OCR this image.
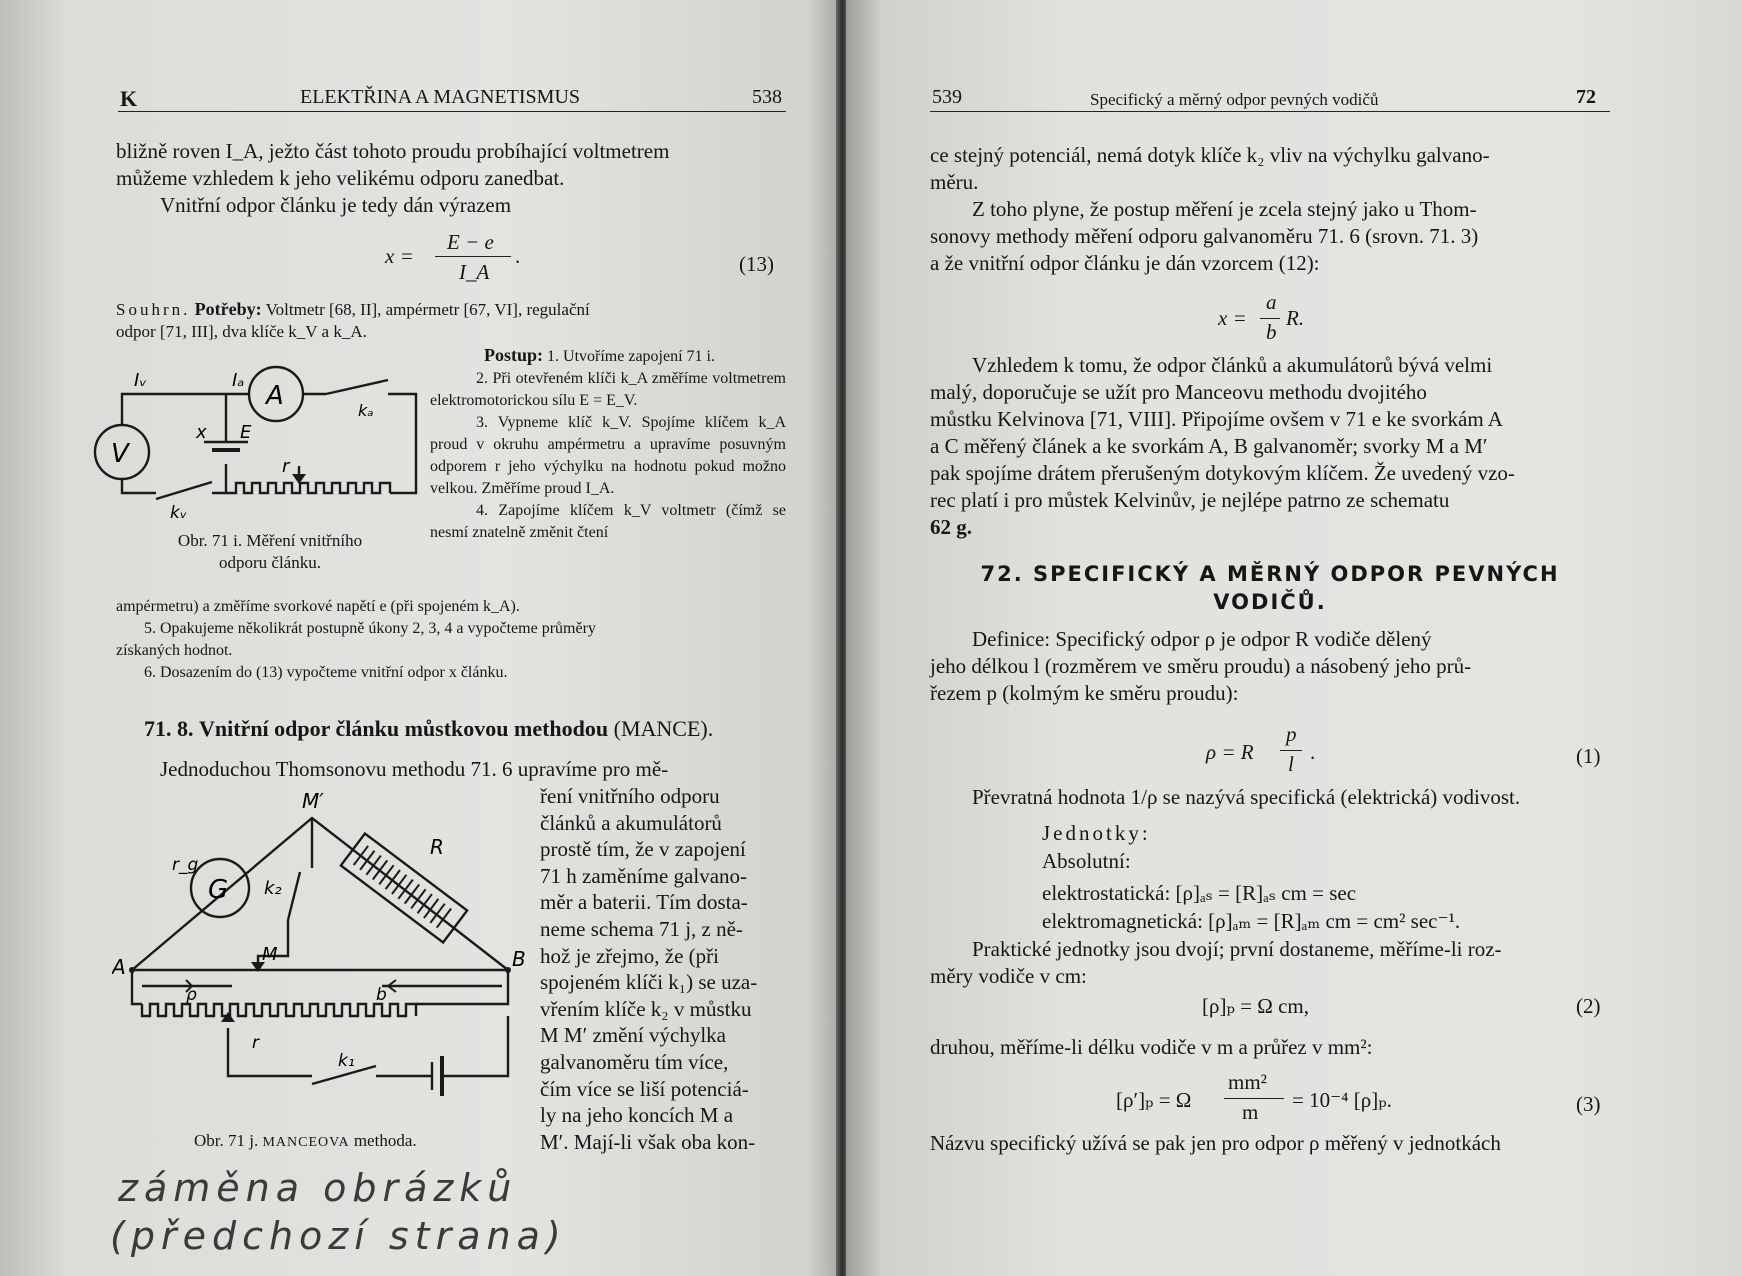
K	ELEKTŘINA A MAGNETISMUS	538
bližně roven I_A, ježto část tohoto proudu probíhající voltmetrem
můžeme vzhledem k jeho velikému odporu zanedbat.
Vnitřní odpor článku je tedy dán výrazem
x =
E − e
I_A
.	(13)
Souhrn. Potřeby: Voltmetr [68, II], ampérmetr [67, VI], regulační
odpor [71, III], dva klíče k_V a k_A.
Postup: 1. Utvoříme zapojení 71 i.
2. Při otevřeném klíči k_A změříme voltmetrem elektromotorickou sílu E = E_V.
3. Vypneme klíč k_V. Spojíme klíčem k_A proud v okruhu ampérmetru a upravíme posuvným odporem r jeho výchylku na hodnotu pokud možno velkou. Změříme proud I_A.
4. Zapojíme klíčem k_V voltmetr (čímž se nesmí znatelně změnit čtení
V
A
Iᵥ	Iₐ
x E
r
kₐ
kᵥ
Obr. 71 i. Měření vnitřního
odporu článku.
ampérmetru) a změříme svorkové napětí e (při spojeném k_A).
5. Opakujeme několikrát postupně úkony 2, 3, 4 a vypočteme průměry
získaných hodnot.
6. Dosazením do (13) vypočteme vnitřní odpor x článku.
71. 8. Vnitřní odpor článku můstkovou methodou (MANCE).
Jednoduchou Thomsonovu methodu 71. 6 upravíme pro mě-
ření vnitřního odporu
článků a akumulátorů
prostě tím, že v zapojení
71 h zaměníme galvano-
měr a baterii. Tím dosta-
neme schema 71 j, z ně-
hož je zřejmo, že (při
spojeném klíči k₁) se uza-
vřením klíče k₂ v můstku
M M′ změní výchylka
galvanoměru tím více,
čím více se liší potenciá-
ly na jeho koncích M a
M′. Mají-li však oba kon-
M′
G
r_g
k₂
R
A	B
M
ρ	b
r
k₁
Obr. 71 j. MANCEOVA methoda.
záměna obrázků
(předchozí strana)
539	Specifický a měrný odpor pevných vodičů	72
ce stejný potenciál, nemá dotyk klíče k₂ vliv na výchylku galvano-
měru.
Z toho plyne, že postup měření je zcela stejný jako u Thom-
sonovy methody měření odporu galvanoměru 71. 6 (srovn. 71. 3)
a že vnitřní odpor článku je dán vzorcem (12):
x =
a
b
R.
Vzhledem k tomu, že odpor článků a akumulátorů bývá velmi
malý, doporučuje se užít pro Manceovu methodu dvojitého
můstku Kelvinova [71, VIII]. Připojíme ovšem v 71 e ke svorkám A
a C měřený článek a ke svorkám A, B galvanoměr; svorky M a M′
pak spojíme drátem přerušeným dotykovým klíčem. Že uvedený vzo-
rec platí i pro můstek Kelvinův, je nejlépe patrno ze schematu
62 g.
72. SPECIFICKÝ A MĚRNÝ ODPOR PEVNÝCH
VODIČŮ.
Definice: Specifický odpor ρ je odpor R vodiče dělený
jeho délkou l (rozměrem ve směru proudu) a násobený jeho prů-
řezem p (kolmým ke směru proudu):
ρ = R
p
l .	(1)
Převratná hodnota 1/ρ se nazývá specifická (elektrická) vodivost.
Jednotky:
Absolutní:
elektrostatická: [ρ]ₐₛ = [R]ₐₛ cm = sec
elektromagnetická: [ρ]ₐₘ = [R]ₐₘ cm = cm² sec⁻¹.
Praktické jednotky jsou dvojí; první dostaneme, měříme-li roz-
měry vodiče v cm:
[ρ]ₚ = Ω cm,	(2)
druhou, měříme-li délku vodiče v m a průřez v mm²:
[ρ′]ₚ = Ω
mm²
m = 10⁻⁴ [ρ]ₚ.	(3)
Názvu specifický užívá se pak jen pro odpor ρ měřený v jednotkách
